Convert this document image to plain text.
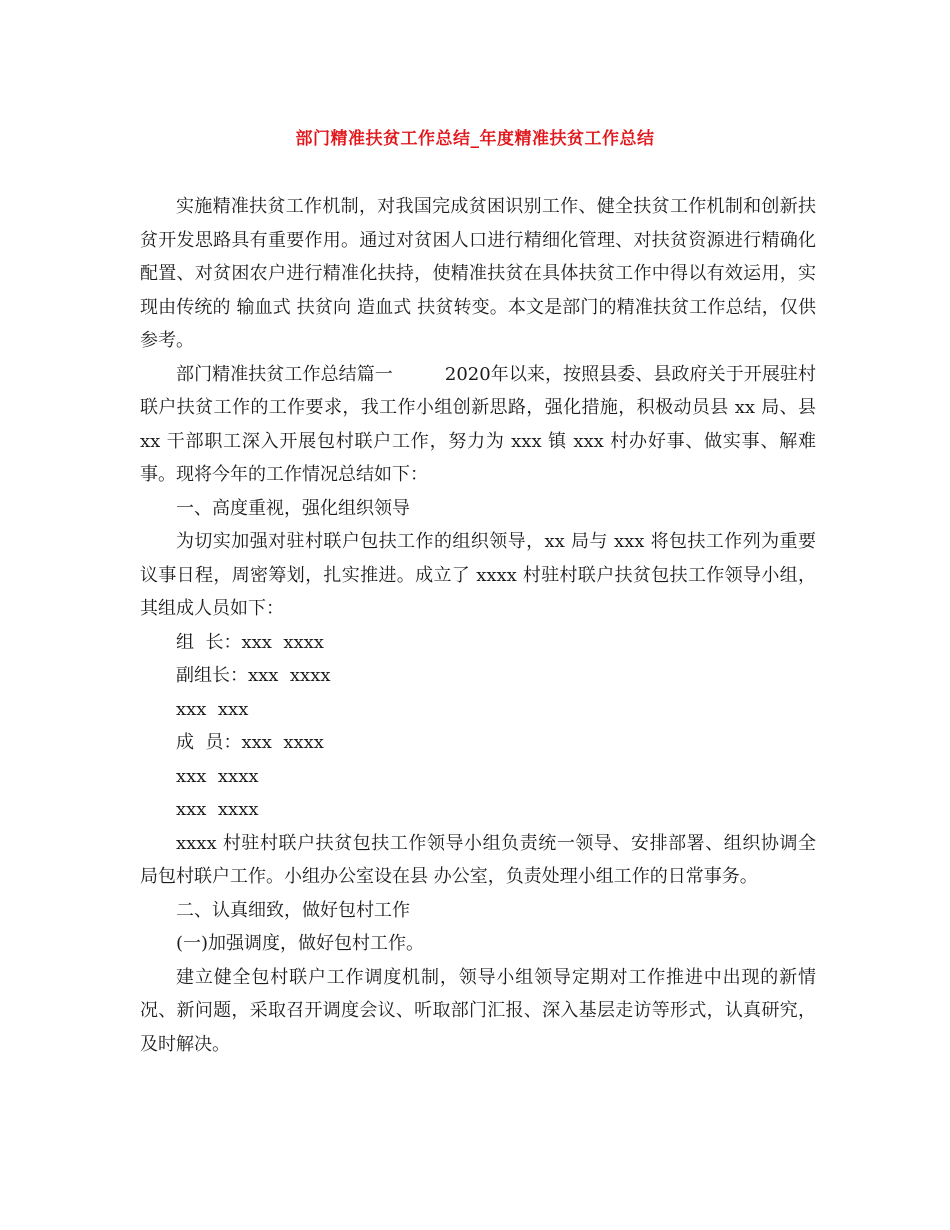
部门精准扶贫工作总结_年度精准扶贫工作总结

实施精准扶贫工作机制，对我国完成贫困识别工作、健全扶贫工作机制和创新扶贫开发思路具有重要作用。通过对贫困人口进行精细化管理、对扶贫资源进行精确化配置、对贫困农户进行精准化扶持，使精准扶贫在具体扶贫工作中得以有效运用，实现由传统的 输血式 扶贫向 造血式 扶贫转变。本文是部门的精准扶贫工作总结，仅供参考。

部门精准扶贫工作总结篇一	2020年以来，按照县委、县政府关于开展驻村联户扶贫工作的工作要求，我工作小组创新思路，强化措施，积极动员县 xx 局、县 xx 干部职工深入开展包村联户工作，努力为 xxx 镇 xxx 村办好事、做实事、解难事。现将今年的工作情况总结如下：

一、高度重视，强化组织领导

为切实加强对驻村联户包扶工作的组织领导，xx 局与 xxx 将包扶工作列为重要议事日程，周密筹划，扎实推进。成立了 xxxx 村驻村联户扶贫包扶工作领导小组，其组成人员如下：

组  长：xxx  xxxx

副组长：xxx  xxxx

xxx  xxx

成  员：xxx  xxxx

xxx  xxxx

xxx  xxxx

xxxx 村驻村联户扶贫包扶工作领导小组负责统一领导、安排部署、组织协调全局包村联户工作。小组办公室设在县 办公室，负责处理小组工作的日常事务。

二、认真细致，做好包村工作

(一)加强调度，做好包村工作。

建立健全包村联户工作调度机制，领导小组领导定期对工作推进中出现的新情况、新问题，采取召开调度会议、听取部门汇报、深入基层走访等形式，认真研究，及时解决。
